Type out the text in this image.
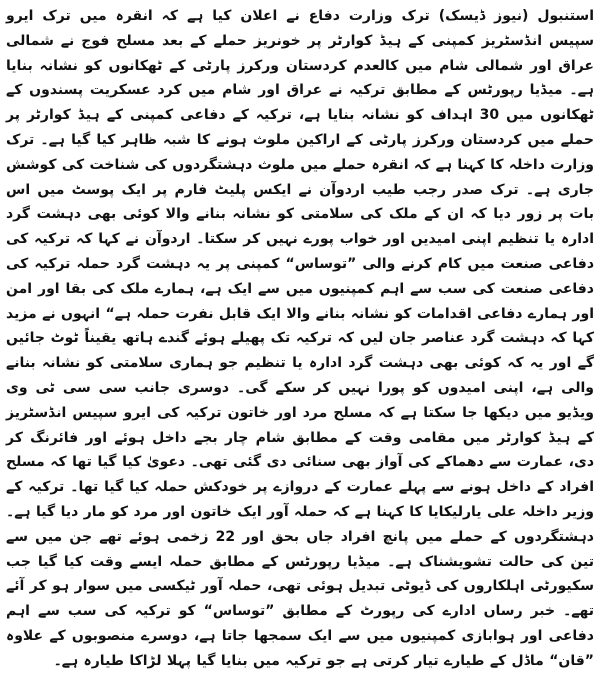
استنبول (نیوز ڈیسک) ترک وزارت دفاع نے اعلان کیا ہے کہ انقرہ میں ترک ایرو سپیس انڈسٹریز کمپنی کے ہیڈ کوارٹر پر خونریز حملے کے بعد مسلح فوج نے شمالی عراق اور شمالی شام میں کالعدم کردستان ورکرز پارٹی کے ٹھکانوں کو نشانہ بنایا ہے۔ میڈیا رپورٹس کے مطابق ترکیہ نے عراق اور شام میں کرد عسکریت پسندوں کے ٹھکانوں میں 30 اہداف کو نشانہ بنایا ہے، ترکیہ کے دفاعی کمپنی کے ہیڈ کوارٹر پر حملے میں کردستان ورکرز پارٹی کے اراکین ملوث ہونے کا شبہ ظاہر کیا گیا ہے۔ ترک وزارت داخلہ کا کہنا ہے کہ انقرہ حملے میں ملوث دہشتگردوں کی شناخت کی کوشش جاری ہے۔ ترک صدر رجب طیب اردوآن نے ایکس پلیٹ فارم پر ایک پوسٹ میں اس بات پر زور دیا کہ ان کے ملک کی سلامتی کو نشانہ بنانے والا کوئی بھی دہشت گرد ادارہ یا تنظیم اپنی امیدیں اور خواب پورے نہیں کر سکتا۔ اردوآن نے کہا کہ ترکیہ کی دفاعی صنعت میں کام کرنے والی ”توساس“ کمپنی پر یہ دہشت گرد حملہ ترکیہ کی دفاعی صنعت کی سب سے اہم کمپنیوں میں سے ایک ہے، ہمارے ملک کی بقا اور امن اور ہمارے دفاعی اقدامات کو نشانہ بنانے والا ایک قابل نفرت حملہ ہے“ انہوں نے مزید کہا کہ دہشت گرد عناصر جان لیں کہ ترکیہ تک پھیلے ہوئے گندے ہاتھ یقیناً ٹوٹ جائیں گے اور یہ کہ کوئی بھی دہشت گرد ادارہ یا تنظیم جو ہماری سلامتی کو نشانہ بنانے والی ہے، اپنی امیدوں کو پورا نہیں کر سکے گی۔ دوسری جانب سی سی ٹی وی ویڈیو میں دیکھا جا سکتا ہے کہ مسلح مرد اور خاتون ترکیہ کی ایرو سپیس انڈسٹریز کے ہیڈ کوارٹر میں مقامی وقت کے مطابق شام چار بجے داخل ہوئے اور فائرنگ کر دی، عمارت سے دھماکے کی آواز بھی سنائی دی گئی تھی۔ دعویٰ کیا گیا تھا کہ مسلح افراد کے داخل ہونے سے پہلے عمارت کے دروازے پر خودکش حملہ کیا گیا تھا۔ ترکیہ کے وزیر داخلہ علی یارلیکایا کا کہنا ہے کہ حملہ آور ایک خاتون اور مرد کو مار دیا گیا ہے۔ دہشتگردوں کے حملے میں پانچ افراد جاں بحق اور 22 زخمی ہوئے تھے جن میں سے تین کی حالت تشویشناک ہے۔ میڈیا رپورٹس کے مطابق حملہ ایسے وقت کیا گیا جب سکیورٹی اہلکاروں کی ڈیوٹی تبدیل ہوئی تھی، حملہ آور ٹیکسی میں سوار ہو کر آئے تھے۔ خبر رساں ادارے کی رپورٹ کے مطابق ”توساس“ کو ترکیہ کی سب سے اہم دفاعی اور ہوابازی کمپنیوں میں سے ایک سمجھا جاتا ہے، دوسرے منصوبوں کے علاوہ ”قان“ ماڈل کے طیارے تیار کرتی ہے جو ترکیہ میں بنایا گیا پہلا لڑاکا طیارہ ہے۔
